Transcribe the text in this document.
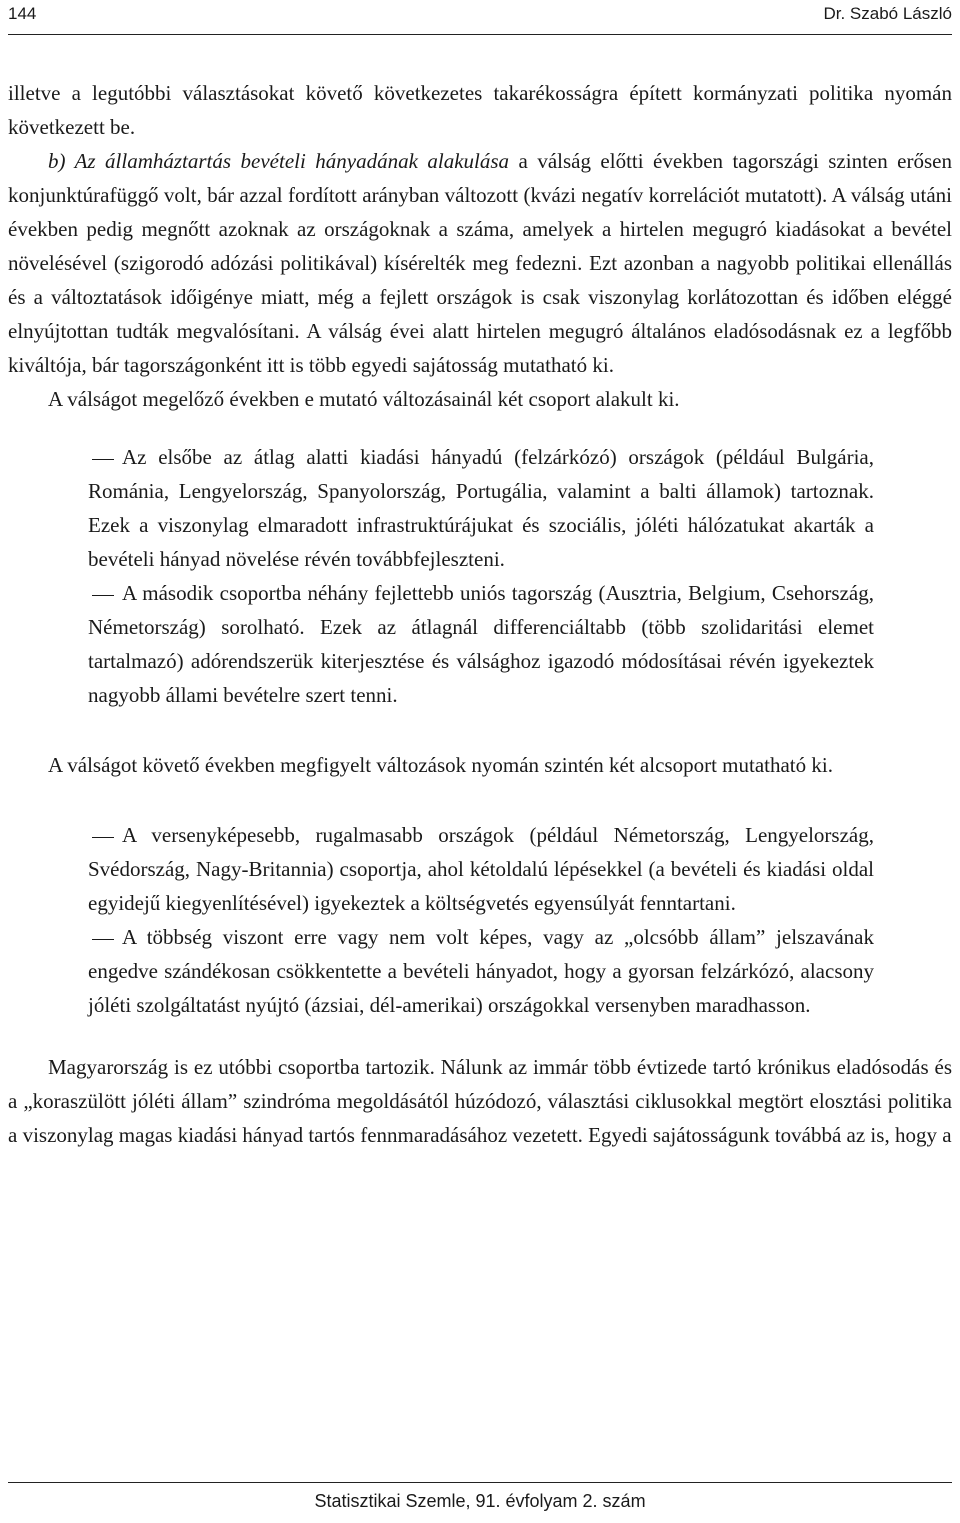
144	Dr. Szabó László

illetve a legutóbbi választásokat követő következetes takarékosságra épített kormányzati politika nyomán következett be.

b) Az államháztartás bevételi hányadának alakulása a válság előtti években tagországi szinten erősen konjunktúrafüggő volt, bár azzal fordított arányban változott (kvázi negatív korrelációt mutatott). A válság utáni években pedig megnőtt azoknak az országoknak a száma, amelyek a hirtelen megugró kiadásokat a bevétel növelésével (szigorodó adózási politikával) kísérelték meg fedezni. Ezt azonban a nagyobb politikai ellenállás és a változtatások időigénye miatt, még a fejlett országok is csak viszonylag korlátozottan és időben eléggé elnyújtottan tudták megvalósítani. A válság évei alatt hirtelen megugró általános eladósodásnak ez a legfőbb kiváltója, bár tagországonként itt is több egyedi sajátosság mutatható ki.

A válságot megelőző években e mutató változásainál két csoport alakult ki.

Az elsőbe az átlag alatti kiadási hányadú (felzárkózó) országok (például Bulgária, Románia, Lengyelország, Spanyolország, Portugália, valamint a balti államok) tartoznak. Ezek a viszonylag elmaradott infrastruktúrájukat és szociális, jóléti hálózatukat akarták a bevételi hányad növelése révén továbbfejleszteni.

A második csoportba néhány fejlettebb uniós tagország (Ausztria, Belgium, Csehország, Németország) sorolható. Ezek az átlagnál differenciáltabb (több szolidaritási elemet tartalmazó) adórendszerük kiterjesztése és válsághoz igazodó módosításai révén igyekeztek nagyobb állami bevételre szert tenni.

A válságot követő években megfigyelt változások nyomán szintén két alcsoport mutatható ki.

A versenyképesebb, rugalmasabb országok (például Németország, Lengyelország, Svédország, Nagy-Britannia) csoportja, ahol kétoldalú lépésekkel (a bevételi és kiadási oldal egyidejű kiegyenlítésével) igyekeztek a költségvetés egyensúlyát fenntartani.

A többség viszont erre vagy nem volt képes, vagy az „olcsóbb állam” jelszavának engedve szándékosan csökkentette a bevételi hányadot, hogy a gyorsan felzárkózó, alacsony jóléti szolgáltatást nyújtó (ázsiai, dél-amerikai) országokkal versenyben maradhasson.

Magyarország is ez utóbbi csoportba tartozik. Nálunk az immár több évtizede tartó krónikus eladósodás és a „koraszülött jóléti állam” szindróma megoldásától húzódozó, választási ciklusokkal megtört elosztási politika a viszonylag magas kiadási hányad tartós fennmaradásához vezetett. Egyedi sajátosságunk továbbá az is, hogy a

Statisztikai Szemle, 91. évfolyam 2. szám
